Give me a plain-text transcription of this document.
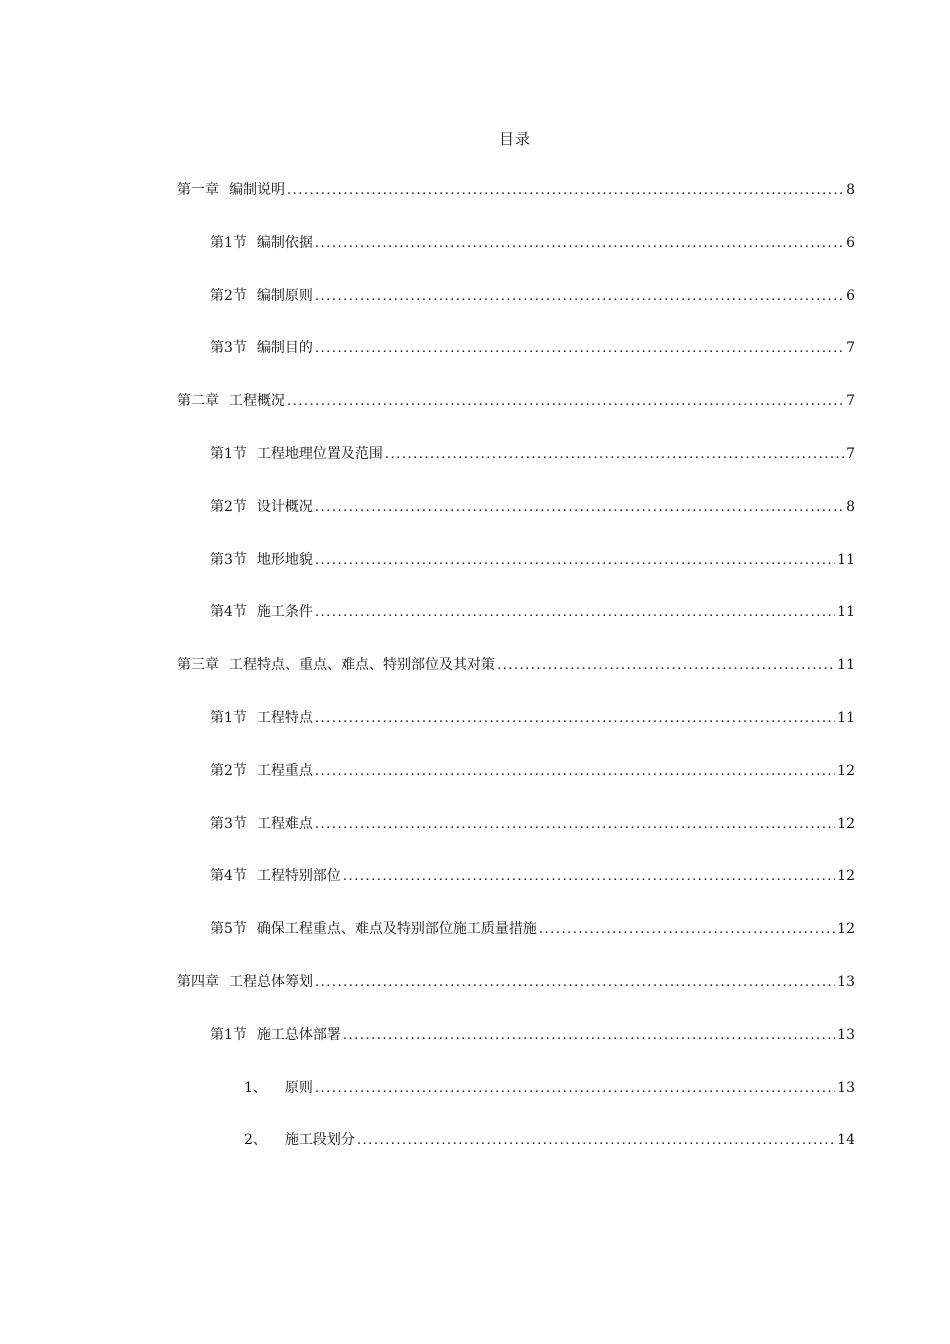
目录
第一章 编制说明 .....	8
第1节 编制依据 .....	6
第2节 编制原则 .....	6
第3节 编制目的 .....	7
第二章 工程概况 .....	7
第1节 工程地理位置及范围 .....	7
第2节 设计概况 .....	8
第3节 地形地貌 .....	11
第4节 施工条件 .....	11
第三章 工程特点、重点、难点、特别部位及其对策 .....	11
第1节 工程特点 .....	11
第2节 工程重点 .....	12
第3节 工程难点 .....	12
第4节 工程特别部位 .....	12
第5节 确保工程重点、难点及特别部位施工质量措施 .....	12
第四章 工程总体筹划 .....	13
第1节 施工总体部署 .....	13
1、 原则 .....	13
2、 施工段划分 .....	14
